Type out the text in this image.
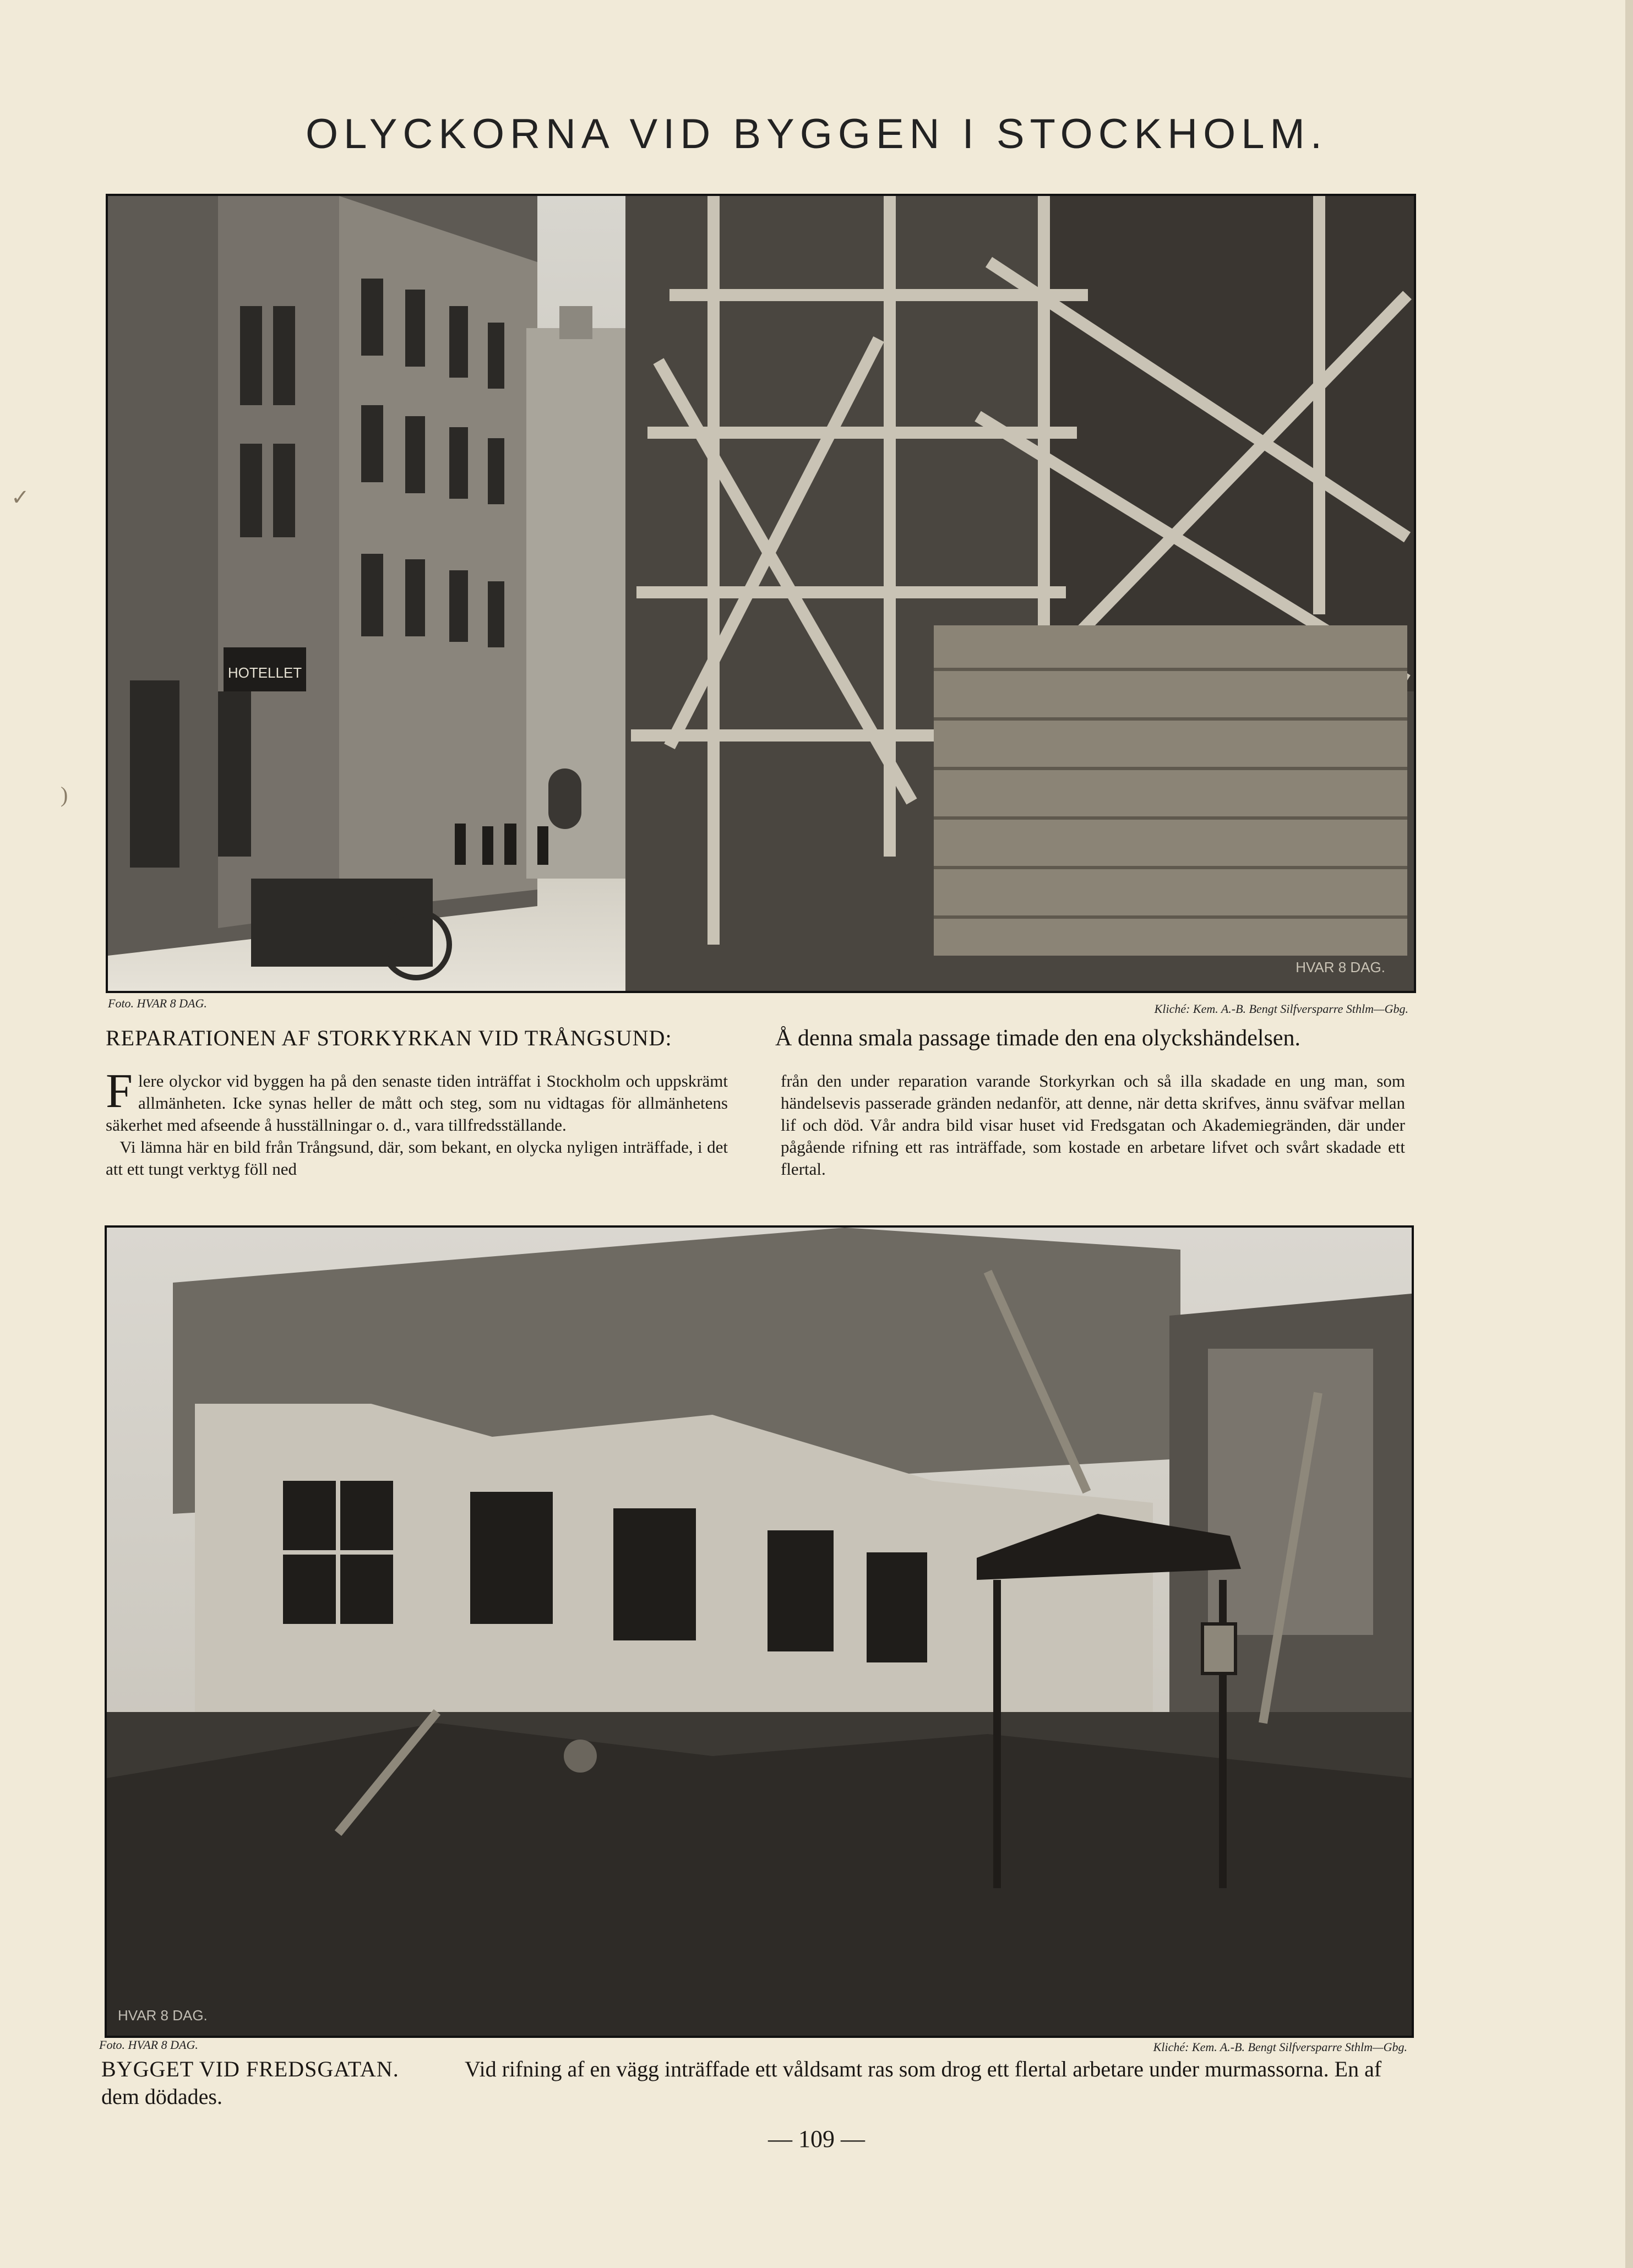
✓
)
OLYCKORNA VID BYGGEN I STOCKHOLM.
HOTELLET
HVAR 8 DAG.
Foto. HVAR 8 DAG.	Kliché: Kem. A.-B. Bengt Silfversparre Sthlm—Gbg.
REPARATIONEN AF STORKYRKAN VID TRÅNGSUND:	Å denna smala passage timade den ena olyckshändelsen.
Flere olyckor vid byggen ha på den senaste tiden inträffat i Stockholm och uppskrämt allmänheten. Icke synas heller de mått och steg, som nu vidtagas för allmänhetens säkerhet med afseende å husställningar o. d., vara tillfredsställande.
Vi lämna här en bild från Trångsund, där, som bekant, en olycka nyligen inträffade, i det att ett tungt verktyg föll ned
från den under reparation varande Storkyrkan och så illa skadade en ung man, som händelsevis passerade gränden nedanför, att denne, när detta skrifves, ännu sväfvar mellan lif och död. Vår andra bild visar huset vid Fredsgatan och Akademiegränden, där under pågående rifning ett ras inträffade, som kostade en arbetare lifvet och svårt skadade ett flertal.
HVAR 8 DAG.
Foto. HVAR 8 DAG.	Kliché: Kem. A.-B. Bengt Silfversparre Sthlm—Gbg.
BYGGET VID FREDSGATAN.	Vid rifning af en vägg inträffade ett våldsamt ras som drog ett flertal arbetare under murmassorna. En af dem dödades.
— 109 —
